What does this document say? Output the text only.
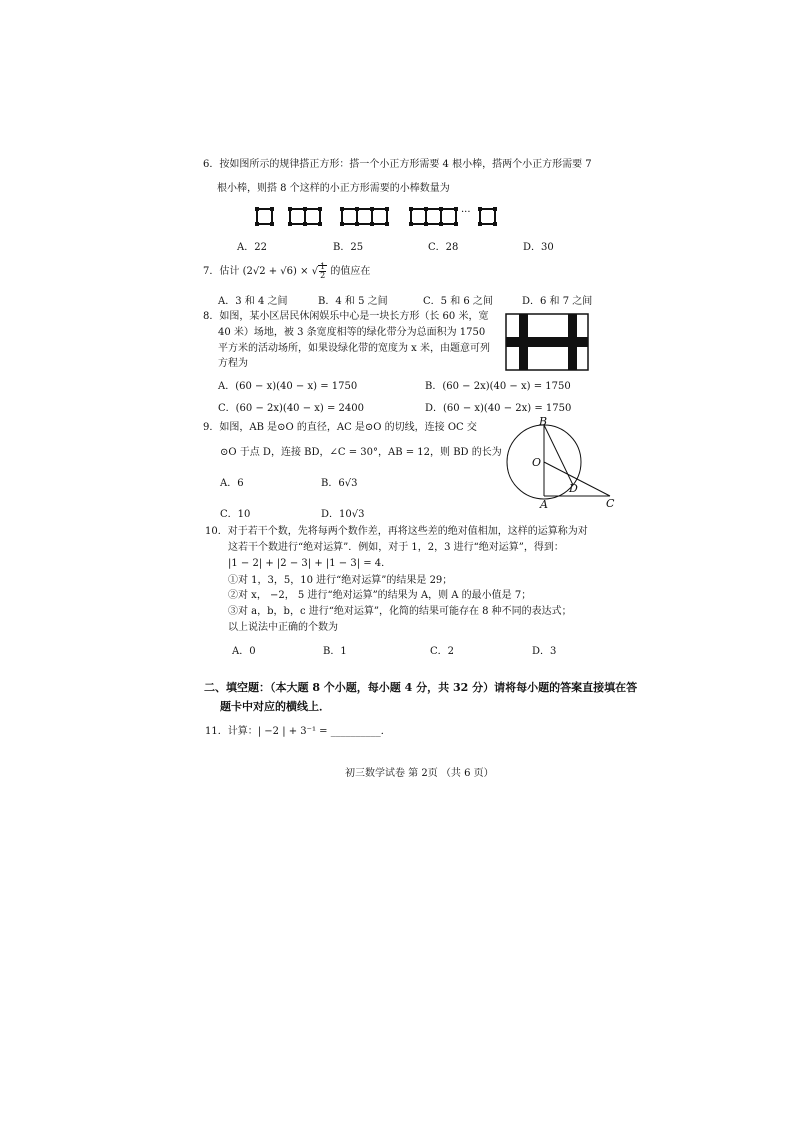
6．按如图所示的规律搭正方形：搭一个小正方形需要 4 根小棒，搭两个小正方形需要 7
根小棒，则搭 8 个这样的小正方形需要的小棒数量为
···
A．22	B．25	C．28	D．30
7．估计 (2√2 + √6) × √ $\frac{1}{2}$ 的值应在
A．3 和 4 之间	B．4 和 5 之间	C．5 和 6 之间	D．6 和 7 之间
8．如图，某小区居民休闲娱乐中心是一块长方形（长 60 米，宽
40 米）场地，被 3 条宽度相等的绿化带分为总面积为 1750
平方米的活动场所，如果设绿化带的宽度为 x 米，由题意可列
方程为
A．(60 − x)(40 − x) = 1750	B．(60 − 2x)(40 − x) = 1750
C．(60 − 2x)(40 − x) = 2400	D．(60 − x)(40 − 2x) = 1750
9．如图，AB 是⊙O 的直径，AC 是⊙O 的切线，连接 OC 交
⊙O 于点 D，连接 BD，∠C = 30°，AB = 12，则 BD 的长为
B
O
D
A	C
A．6	B．6√3
C．10	D．10√3
10．对于若干个数，先将每两个数作差，再将这些差的绝对值相加，这样的运算称为对
这若干个数进行“绝对运算”．例如，对于 1，2，3 进行“绝对运算”，得到：
|1 − 2| + |2 − 3| + |1 − 3| = 4．
①对 1，3，5，10 进行“绝对运算”的结果是 29；
②对 x， −2， 5 进行“绝对运算”的结果为 A，则 A 的最小值是 7；
③对 a，b，b，c 进行“绝对运算”，化简的结果可能存在 8 种不同的表达式；
以上说法中正确的个数为
A．0	B．1	C．2	D．3
二、填空题：（本大题 8 个小题，每小题 4 分，共 32 分）请将每小题的答案直接填在答
题卡中对应的横线上．
11．计算：| −2 | + 3⁻¹ = __________．
初三数学试卷 第 2页 （共 6 页）
